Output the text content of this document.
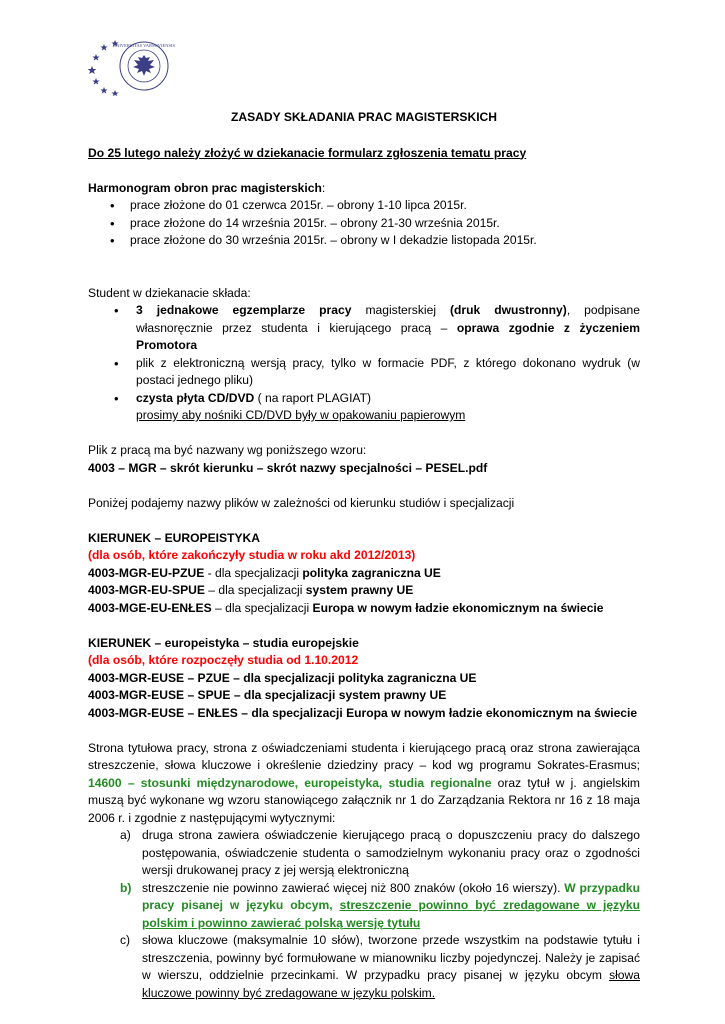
UNIVERSITAS VARSOVIENSIS
ZASADY SKŁADANIA PRAC MAGISTERSKICH

Do 25 lutego należy złożyć w dziekanacie formularz zgłoszenia tematu pracy

Harmonogram obron prac magisterskich:

• prace złożone do 01 czerwca 2015r. – obrony 1-10 lipca 2015r.
• prace złożone do 14 września 2015r. – obrony 21-30 września 2015r.
• prace złożone do 30 września 2015r. – obrony w I dekadzie listopada 2015r.

Student w dziekanacie składa:

• 3 jednakowe egzemplarze pracy magisterskiej (druk dwustronny), podpisane własnoręcznie przez studenta i kierującego pracą – oprawa zgodnie z życzeniem Promotora
• plik z elektroniczną wersją pracy, tylko w formacie PDF, z którego dokonano wydruk (w postaci jednego pliku)
• czysta płyta CD/DVD ( na raport PLAGIAT)
prosimy aby nośniki CD/DVD były w opakowaniu papierowym

Plik z pracą ma być nazwany wg poniższego wzoru:

4003 – MGR – skrót kierunku – skrót nazwy specjalności – PESEL.pdf

Poniżej podajemy nazwy plików w zależności od kierunku studiów i specjalizacji

KIERUNEK – EUROPEISTYKA

(dla osób, które zakończyły studia w roku akd 2012/2013)

4003-MGR-EU-PZUE - dla specjalizacji polityka zagraniczna UE

4003-MGR-EU-SPUE – dla specjalizacji system prawny UE

4003-MGE-EU-ENŁES – dla specjalizacji Europa w nowym ładzie ekonomicznym na świecie

KIERUNEK – europeistyka – studia europejskie

(dla osób, które rozpoczęły studia od 1.10.2012

4003-MGR-EUSE – PZUE – dla specjalizacji polityka zagraniczna UE

4003-MGR-EUSE – SPUE – dla specjalizacji system prawny UE

4003-MGR-EUSE – ENŁES – dla specjalizacji Europa w nowym ładzie ekonomicznym na świecie

Strona tytułowa pracy, strona z oświadczeniami studenta i kierującego pracą oraz strona zawierająca streszczenie, słowa kluczowe i określenie dziedziny pracy – kod wg programu Sokrates-Erasmus; 14600 – stosunki międzynarodowe, europeistyka, studia regionalne oraz tytuł w j. angielskim muszą być wykonane wg wzoru stanowiącego załącznik nr 1 do Zarządzania Rektora nr 16 z 18 maja 2006 r. i zgodnie z następującymi wytycznymi:

a) druga strona zawiera oświadczenie kierującego pracą o dopuszczeniu pracy do dalszego postępowania, oświadczenie studenta o samodzielnym wykonaniu pracy oraz o zgodności wersji drukowanej pracy z jej wersją elektroniczną
b) streszczenie nie powinno zawierać więcej niż 800 znaków (około 16 wierszy). W przypadku pracy pisanej w języku obcym, streszczenie powinno być zredagowane w języku polskim i powinno zawierać polską wersję tytułu
c) słowa kluczowe (maksymalnie 10 słów), tworzone przede wszystkim na podstawie tytułu i streszczenia, powinny być formułowane w mianowniku liczby pojedynczej. Należy je zapisać w wierszu, oddzielnie przecinkami. W przypadku pracy pisanej w języku obcym słowa kluczowe powinny być zredagowane w języku polskim.
